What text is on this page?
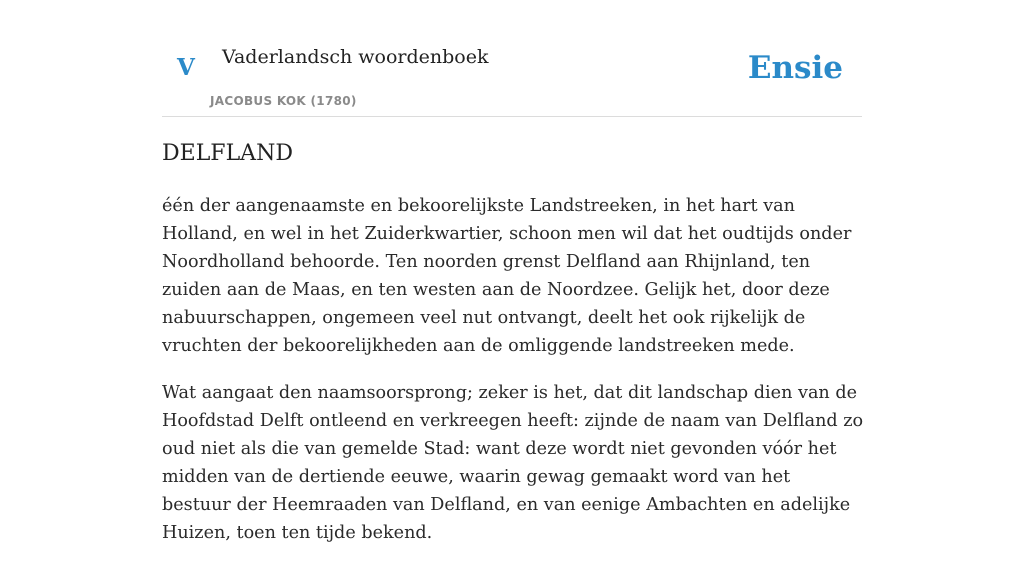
V Vaderlandsch woordenboek
JACOBUS KOK (1780)
Ensie
DELFLAND

één der aangenaamste en bekoorelijkste Landstreeken, in het hart van Holland, en wel in het Zuiderkwartier, schoon men wil dat het oudtijds onder Noordholland behoorde. Ten noorden grenst Delfland aan Rhijnland, ten zuiden aan de Maas, en ten westen aan de Noordzee. Gelijk het, door deze nabuurschappen, ongemeen veel nut ontvangt, deelt het ook rijkelijk de vruchten der bekoorelijkheden aan de omliggende landstreeken mede.

Wat aangaat den naamsoorsprong; zeker is het, dat dit landschap dien van de Hoofdstad Delft ontleend en verkreegen heeft: zijnde de naam van Delfland zo oud niet als die van gemelde Stad: want deze wordt niet gevonden vóór het midden van de dertiende eeuwe, waarin gewag gemaakt word van het bestuur der Heemraaden van Delfland, en van eenige Ambachten en adelijke Huizen, toen ten tijde bekend.
